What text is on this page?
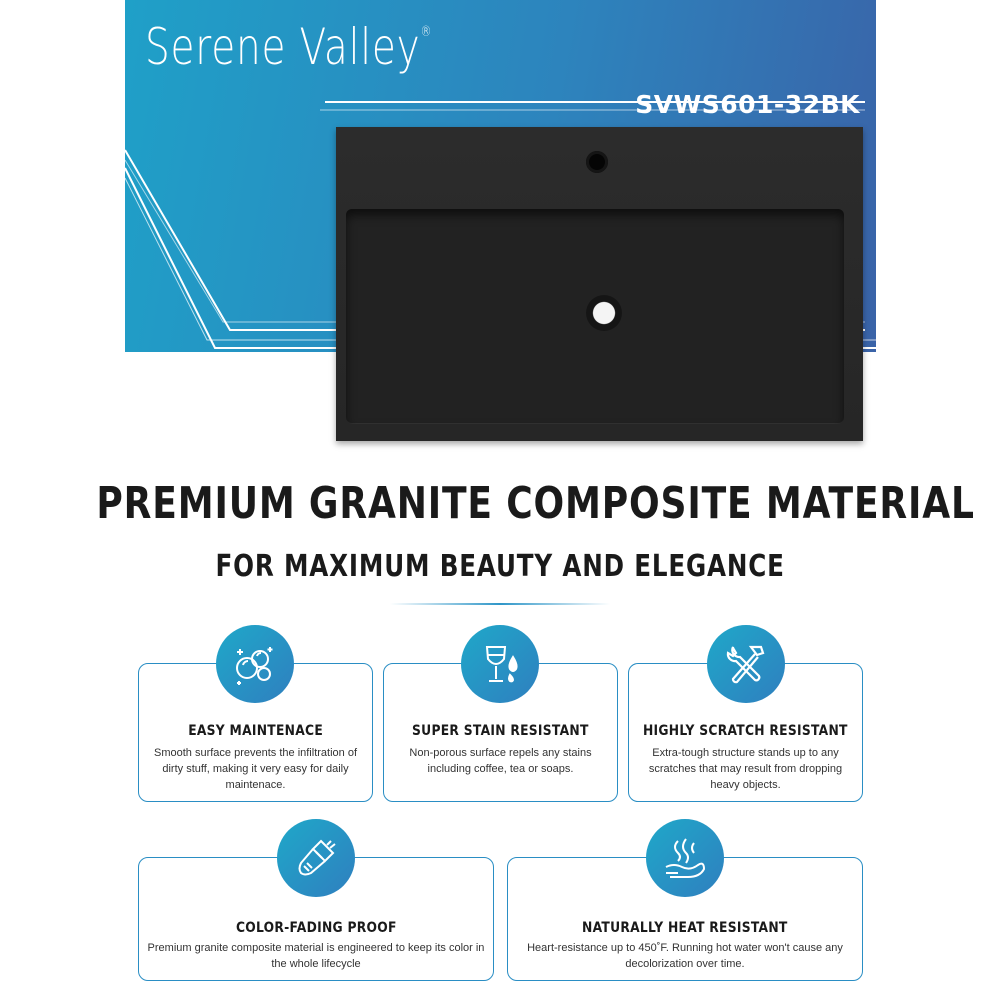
Serene Valley®
SVWS601-32BK
PREMIUM GRANITE COMPOSITE MATERIAL
FOR MAXIMUM BEAUTY AND ELEGANCE
EASY MAINTENACE
Smooth surface prevents the infiltration of dirty stuff, making it very easy for daily maintenace.
SUPER STAIN RESISTANT
Non-porous surface repels any stains including coffee, tea or soaps.
HIGHLY SCRATCH RESISTANT
Extra-tough structure stands up to any scratches that may result from dropping heavy objects.
COLOR-FADING PROOF
Premium granite composite material is engineered to keep its color in the whole lifecycle
NATURALLY HEAT RESISTANT
Heart-resistance up to 450˚F. Running hot water won't cause any decolorization over time.
